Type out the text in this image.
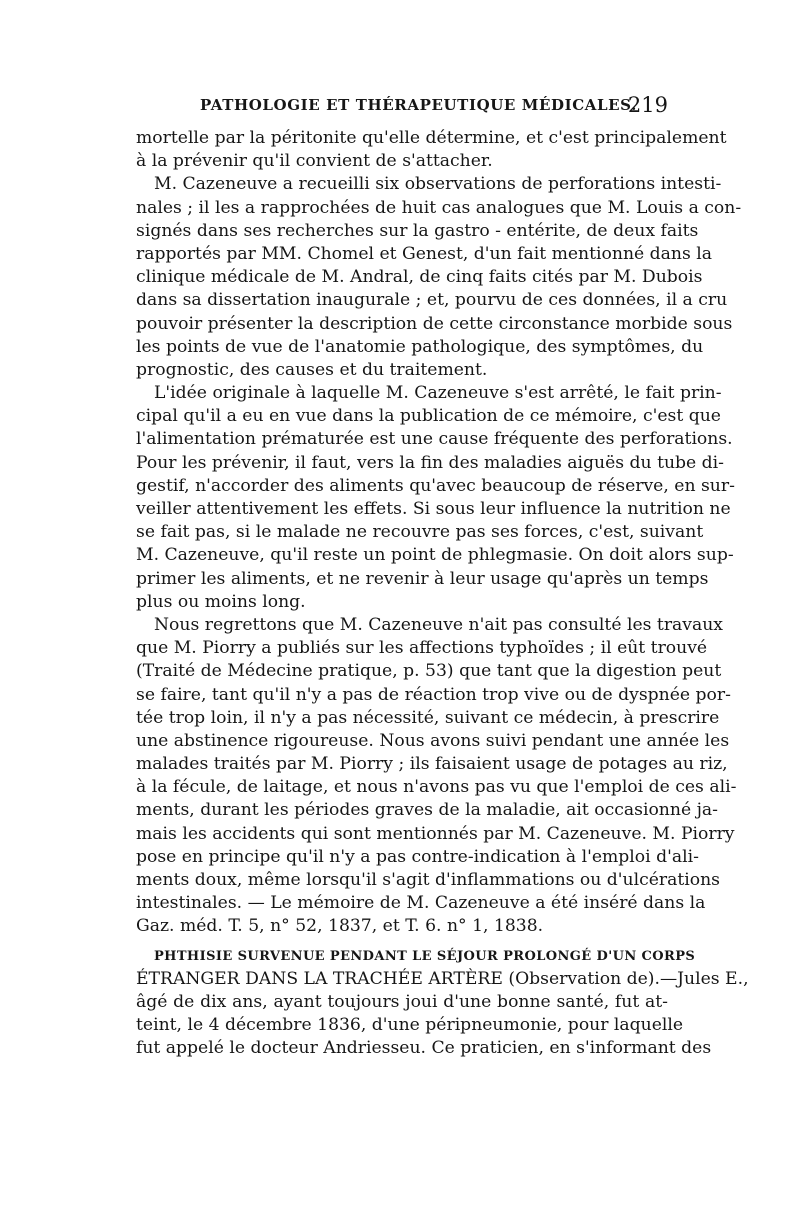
PATHOLOGIE ET THÉRAPEUTIQUE MÉDICALES.
219
mortelle par la péritonite qu'elle détermine, et c'est principalement
à la prévenir qu'il convient de s'attacher.
M. Cazeneuve a recueilli six observations de perforations intesti-
nales ; il les a rapprochées de huit cas analogues que M. Louis a con-
signés dans ses recherches sur la gastro - entérite, de deux faits
rapportés par MM. Chomel et Genest, d'un fait mentionné dans la
clinique médicale de M. Andral, de cinq faits cités par M. Dubois
dans sa dissertation inaugurale ; et, pourvu de ces données, il a cru
pouvoir présenter la description de cette circonstance morbide sous
les points de vue de l'anatomie pathologique, des symptômes, du
prognostic, des causes et du traitement.
L'idée originale à laquelle M. Cazeneuve s'est arrêté, le fait prin-
cipal qu'il a eu en vue dans la publication de ce mémoire, c'est que
l'alimentation prématurée est une cause fréquente des perforations.
Pour les prévenir, il faut, vers la fin des maladies aiguës du tube di-
gestif, n'accorder des aliments qu'avec beaucoup de réserve, en sur-
veiller attentivement les effets. Si sous leur influence la nutrition ne
se fait pas, si le malade ne recouvre pas ses forces, c'est, suivant
M. Cazeneuve, qu'il reste un point de phlegmasie. On doit alors sup-
primer les aliments, et ne revenir à leur usage qu'après un temps
plus ou moins long.
Nous regrettons que M. Cazeneuve n'ait pas consulté les travaux
que M. Piorry a publiés sur les affections typhoïdes ; il eût trouvé
(Traité de Médecine pratique, p. 53) que tant que la digestion peut
se faire, tant qu'il n'y a pas de réaction trop vive ou de dyspnée por-
tée trop loin, il n'y a pas nécessité, suivant ce médecin, à prescrire
une abstinence rigoureuse. Nous avons suivi pendant une année les
malades traités par M. Piorry ; ils faisaient usage de potages au riz,
à la fécule, de laitage, et nous n'avons pas vu que l'emploi de ces ali-
ments, durant les périodes graves de la maladie, ait occasionné ja-
mais les accidents qui sont mentionnés par M. Cazeneuve. M. Piorry
pose en principe qu'il n'y a pas contre-indication à l'emploi d'ali-
ments doux, même lorsqu'il s'agit d'inflammations ou d'ulcérations
intestinales. — Le mémoire de M. Cazeneuve a été inséré dans la
Gaz. méd. T. 5, n° 52, 1837, et T. 6. n° 1, 1838.
PHTHISIE SURVENUE PENDANT LE SÉJOUR PROLONGÉ D'UN CORPS
ÉTRANGER DANS LA TRACHÉE ARTÈRE (Observation de).—Jules E.,
âgé de dix ans, ayant toujours joui d'une bonne santé, fut at-
teint, le 4 décembre 1836, d'une péripneumonie, pour laquelle
fut appelé le docteur Andriesseu. Ce praticien, en s'informant des
